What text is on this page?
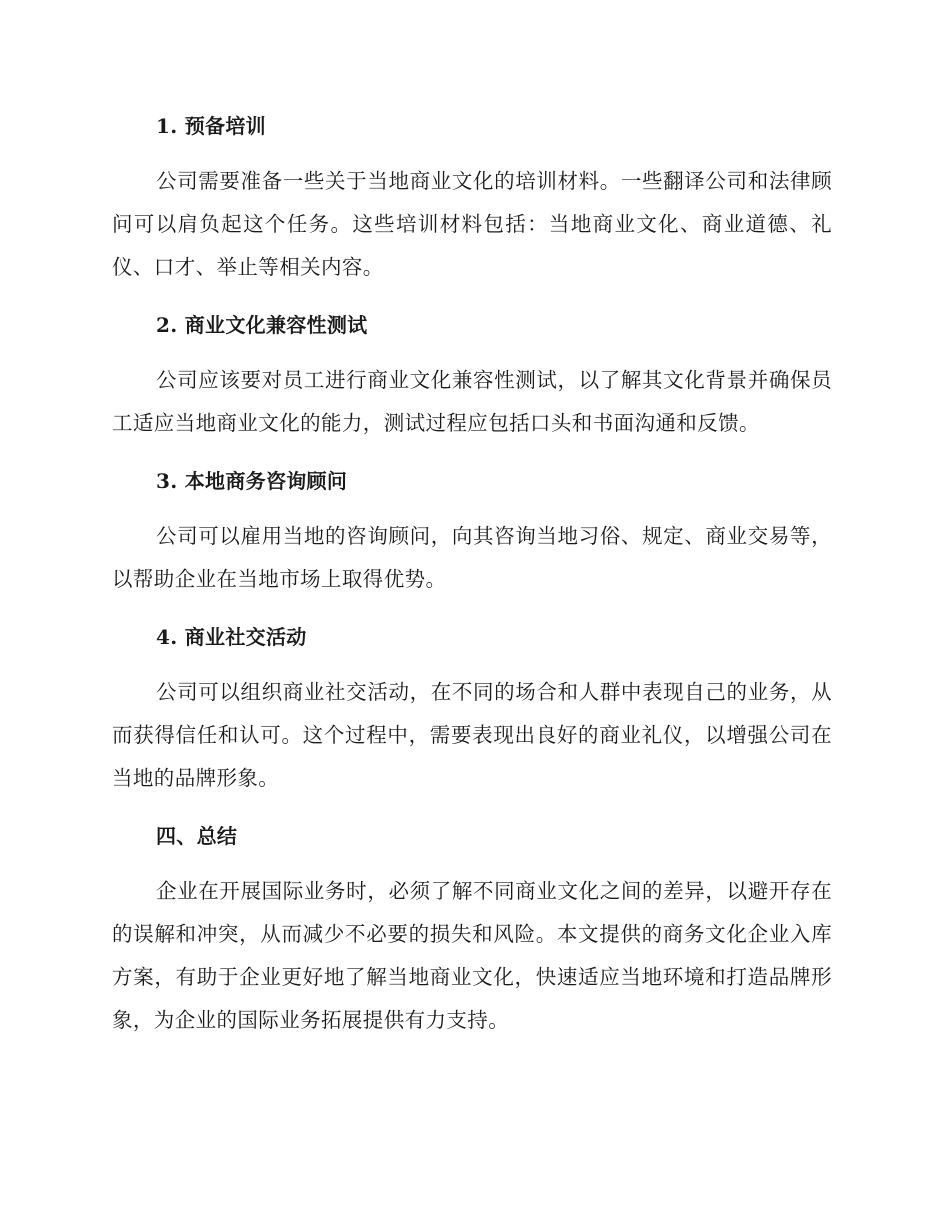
1. 预备培训

公司需要准备一些关于当地商业文化的培训材料。一些翻译公司和法律顾问可以肩负起这个任务。这些培训材料包括：当地商业文化、商业道德、礼仪、口才、举止等相关内容。

2. 商业文化兼容性测试

公司应该要对员工进行商业文化兼容性测试，以了解其文化背景并确保员工适应当地商业文化的能力，测试过程应包括口头和书面沟通和反馈。

3. 本地商务咨询顾问

公司可以雇用当地的咨询顾问，向其咨询当地习俗、规定、商业交易等，以帮助企业在当地市场上取得优势。

4. 商业社交活动

公司可以组织商业社交活动，在不同的场合和人群中表现自己的业务，从而获得信任和认可。这个过程中，需要表现出良好的商业礼仪，以增强公司在当地的品牌形象。

四、总结

企业在开展国际业务时，必须了解不同商业文化之间的差异，以避开存在的误解和冲突，从而减少不必要的损失和风险。本文提供的商务文化企业入库方案，有助于企业更好地了解当地商业文化，快速适应当地环境和打造品牌形象，为企业的国际业务拓展提供有力支持。
